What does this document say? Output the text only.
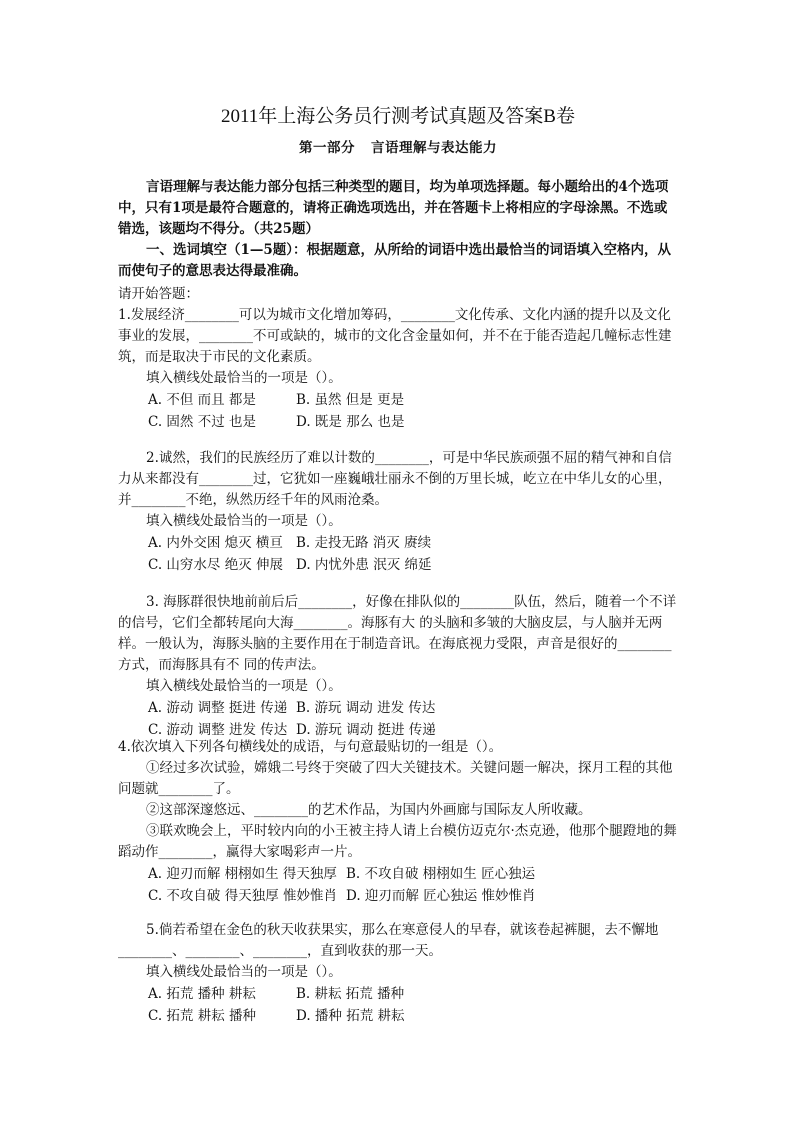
2011年上海公务员行测考试真题及答案B卷
第一部分 言语理解与表达能力
言语理解与表达能力部分包括三种类型的题目，均为单项选择题。每小题给出的4个选项中，只有1项是最符合题意的，请将正确选项选出，并在答题卡上将相应的字母涂黑。不选或错选，该题均不得分。（共25题）
一、选词填空（1—5题）：根据题意，从所给的词语中选出最恰当的词语填入空格内，从而使句子的意思表达得最准确。
请开始答题：
1.发展经济________可以为城市文化增加筹码，________文化传承、文化内涵的提升以及文化事业的发展，________不可或缺的，城市的文化含金量如何，并不在于能否造起几幢标志性建筑，而是取决于市民的文化素质。
填入横线处最恰当的一项是（）。
A. 不但 而且 都是	B. 虽然 但是 更是
C. 固然 不过 也是	D. 既是 那么 也是
2.诚然，我们的民族经历了难以计数的________，可是中华民族顽强不屈的精气神和自信力从来都没有________过，它犹如一座巍峨壮丽永不倒的万里长城，屹立在中华儿女的心里，并________不绝，纵然历经千年的风雨沧桑。
填入横线处最恰当的一项是（）。
A. 内外交困 熄灭 横亘 B. 走投无路 消灭 赓续
C. 山穷水尽 绝灭 伸展 D. 内忧外患 泯灭 绵延
3. 海豚群很快地前前后后________，好像在排队似的________队伍，然后，随着一个不详的信号，它们全都转尾向大海________。海豚有大 的头脑和多皱的大脑皮层，与人脑并无两样。一般认为，海豚头脑的主要作用在于制造音讯。在海底视力受限，声音是很好的________方式，而海豚具有不 同的传声法。
填入横线处最恰当的一项是（）。
A. 游动 调整 挺进 传递 B. 游玩 调动 进发 传达
C. 游动 调整 进发 传达 D. 游玩 调动 挺进 传递
4.依次填入下列各句横线处的成语，与句意最贴切的一组是（）。
①经过多次试验，嫦娥二号终于突破了四大关键技术。关键问题一解决，探月工程的其他问题就________了。
②这部深邃悠远、________的艺术作品，为国内外画廊与国际友人所收藏。
③联欢晚会上，平时较内向的小王被主持人请上台模仿迈克尔·杰克逊，他那个腿蹬地的舞蹈动作________，赢得大家喝彩声一片。
A. 迎刃而解 栩栩如生 得天独厚 B. 不攻自破 栩栩如生 匠心独运
C. 不攻自破 得天独厚 惟妙惟肖 D. 迎刃而解 匠心独运 惟妙惟肖
5.倘若希望在金色的秋天收获果实，那么在寒意侵人的早春，就该卷起裤腿，去不懈地________、________、________，直到收获的那一天。
填入横线处最恰当的一项是（）。
A. 拓荒 播种 耕耘	B. 耕耘 拓荒 播种
C. 拓荒 耕耘 播种	D. 播种 拓荒 耕耘
